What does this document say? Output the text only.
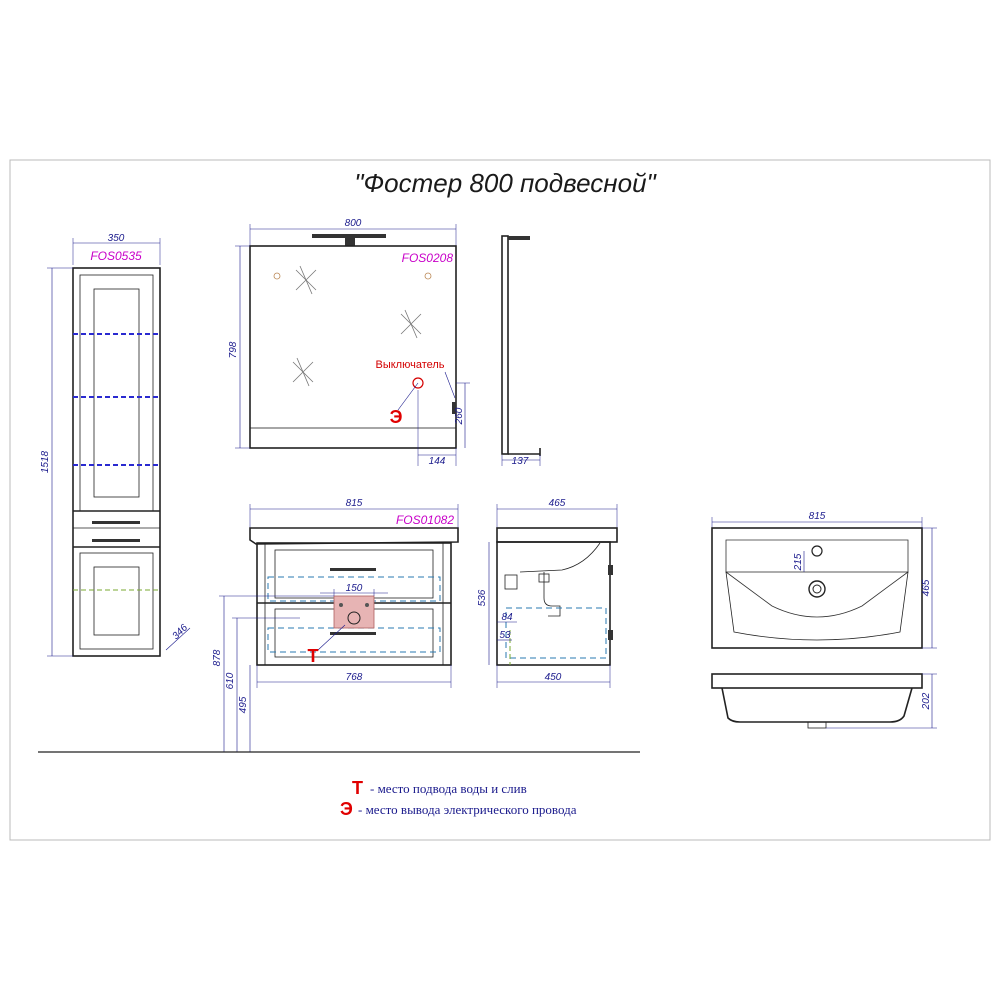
"Фостер 800 подвесной"
350
FOS0535
1518
346
800
FOS0208
Выключатель
Э
798
260
144	137
815
FOS01082
150
Т
768
878
610
495
465
536
84
53
450
815
215
465
202
Т - место подвода воды и слив
Э - место вывода электрического провода
